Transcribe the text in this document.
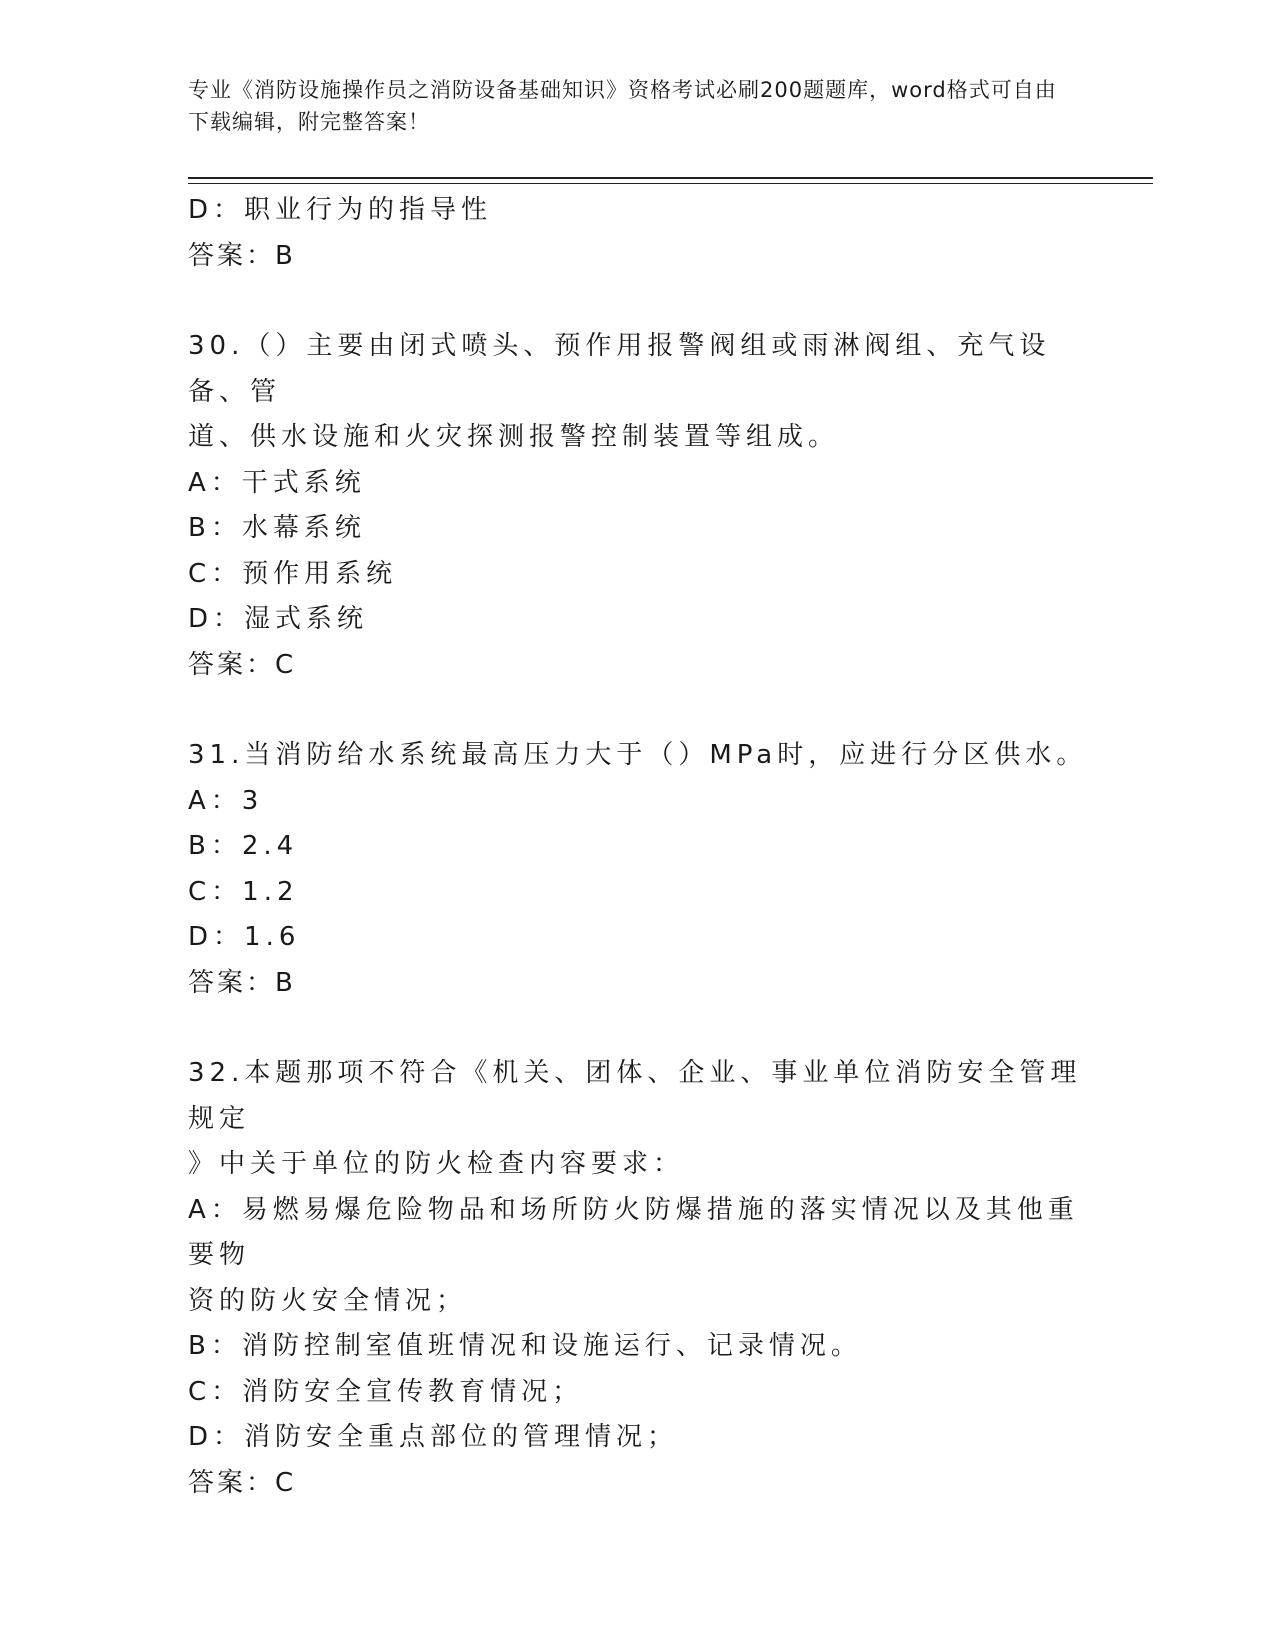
专业《消防设施操作员之消防设备基础知识》资格考试必刷200题题库，word格式可自由下载编辑，附完整答案！
D：职业行为的指导性
答案：B
30.（）主要由闭式喷头、预作用报警阀组或雨淋阀组、充气设备、管
道、供水设施和火灾探测报警控制装置等组成。
A：干式系统
B：水幕系统
C：预作用系统
D：湿式系统
答案：C
31.当消防给水系统最高压力大于（）MPa时，应进行分区供水。
A：3
B：2.4
C：1.2
D：1.6
答案：B
32.本题那项不符合《机关、团体、企业、事业单位消防安全管理规定
》中关于单位的防火检查内容要求：
A：易燃易爆危险物品和场所防火防爆措施的落实情况以及其他重要物
资的防火安全情况；
B：消防控制室值班情况和设施运行、记录情况。
C：消防安全宣传教育情况；
D：消防安全重点部位的管理情况；
答案：C
